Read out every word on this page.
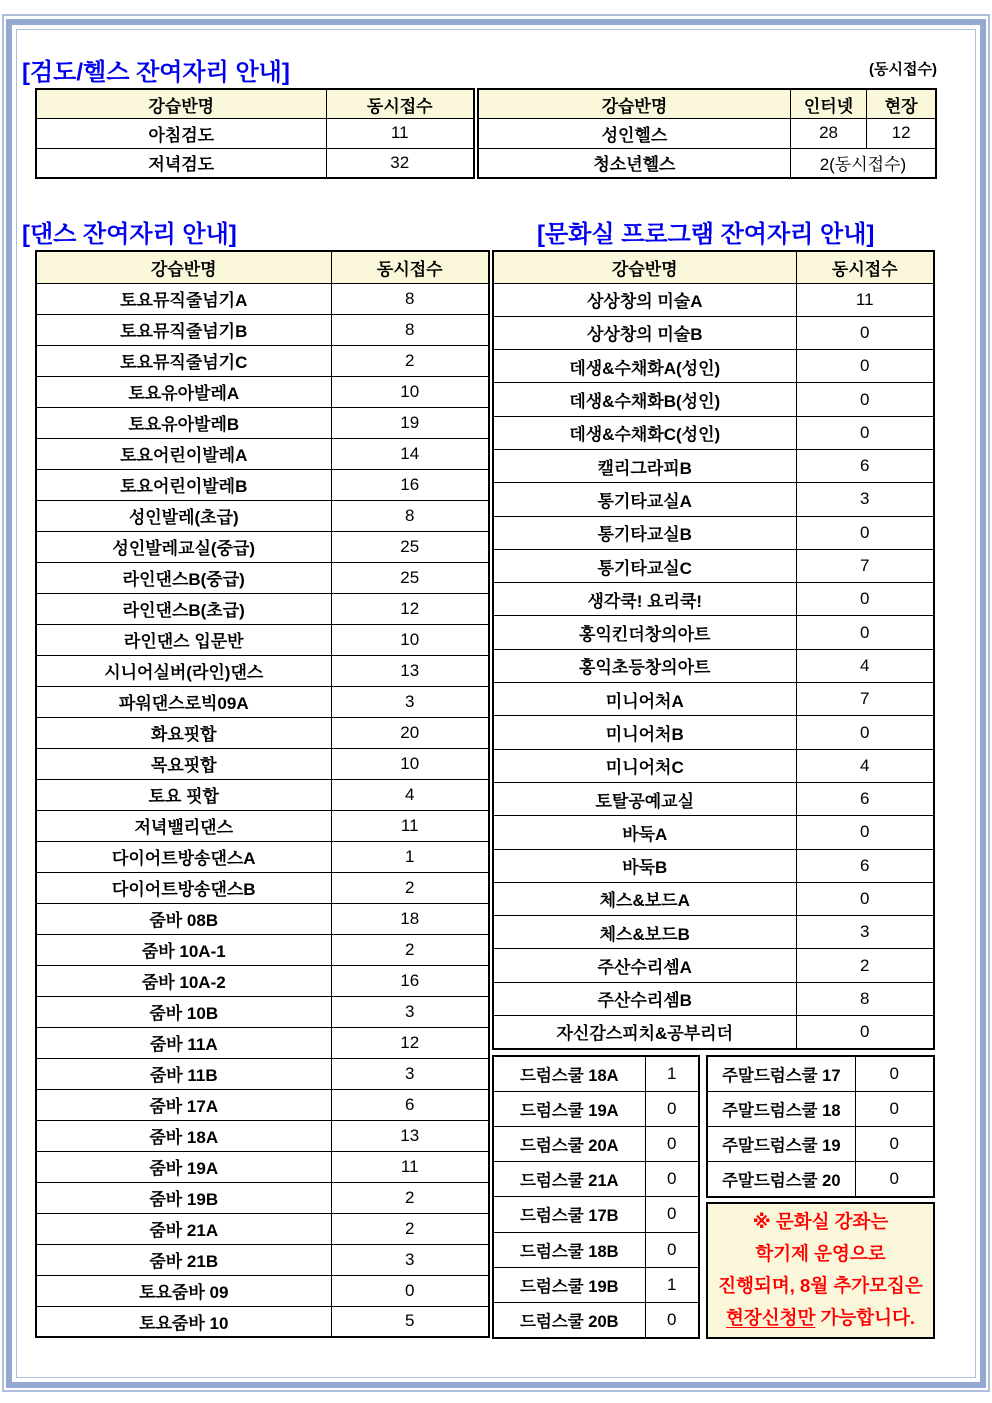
[검도/헬스 잔여자리 안내]	(동시접수)
강습반명	동시접수
아침검도	11
저녁검도	32
강습반명	인터넷	현장
성인헬스	28	12
청소년헬스	2(동시접수)	
[댄스 잔여자리 안내]
강습반명	동시접수
토요뮤직줄넘기A	8
토요뮤직줄넘기B	8
토요뮤직줄넘기C	2
토요유아발레A	10
토요유아발레B	19
토요어린이발레A	14
토요어린이발레B	16
성인발레(초급)	8
성인발레교실(중급)	25
라인댄스B(중급)	25
라인댄스B(초급)	12
라인댄스 입문반	10
시니어실버(라인)댄스	13
파워댄스로빅09A	3
화요핏합	20
목요핏합	10
토요 핏합	4
저녁밸리댄스	11
다이어트방송댄스A	1
다이어트방송댄스B	2
줌바 08B	18
줌바 10A-1	2
줌바 10A-2	16
줌바 10B	3
줌바 11A	12
줌바 11B	3
줌바 17A	6
줌바 18A	13
줌바 19A	11
줌바 19B	2
줌바 21A	2
줌바 21B	3
토요줌바 09	0
토요줌바 10	5
[문화실 프로그램 잔여자리 안내]
강습반명	동시접수
상상창의 미술A	11
상상창의 미술B	0
데생&수채화A(성인)	0
데생&수채화B(성인)	0
데생&수채화C(성인)	0
캘리그라피B	6
통기타교실A	3
통기타교실B	0
통기타교실C	7
생각쿡! 요리쿡!	0
홍익킨더창의아트	0
홍익초등창의아트	4
미니어처A	7
미니어처B	0
미니어처C	4
토탈공예교실	6
바둑A	0
바둑B	6
체스&보드A	0
체스&보드B	3
주산수리셈A	2
주산수리셈B	8
자신감스피치&공부리더	0
드럼스쿨 18A	1
드럼스쿨 19A	0
드럼스쿨 20A	0
드럼스쿨 21A	0
드럼스쿨 17B	0
드럼스쿨 18B	0
드럼스쿨 19B	1
드럼스쿨 20B	0
주말드럼스쿨 17	0
주말드럼스쿨 18	0
주말드럼스쿨 19	0
주말드럼스쿨 20	0
※ 문화실 강좌는
학기제 운영으로
진행되며, 8월 추가모집은
현장신청만 가능합니다.
